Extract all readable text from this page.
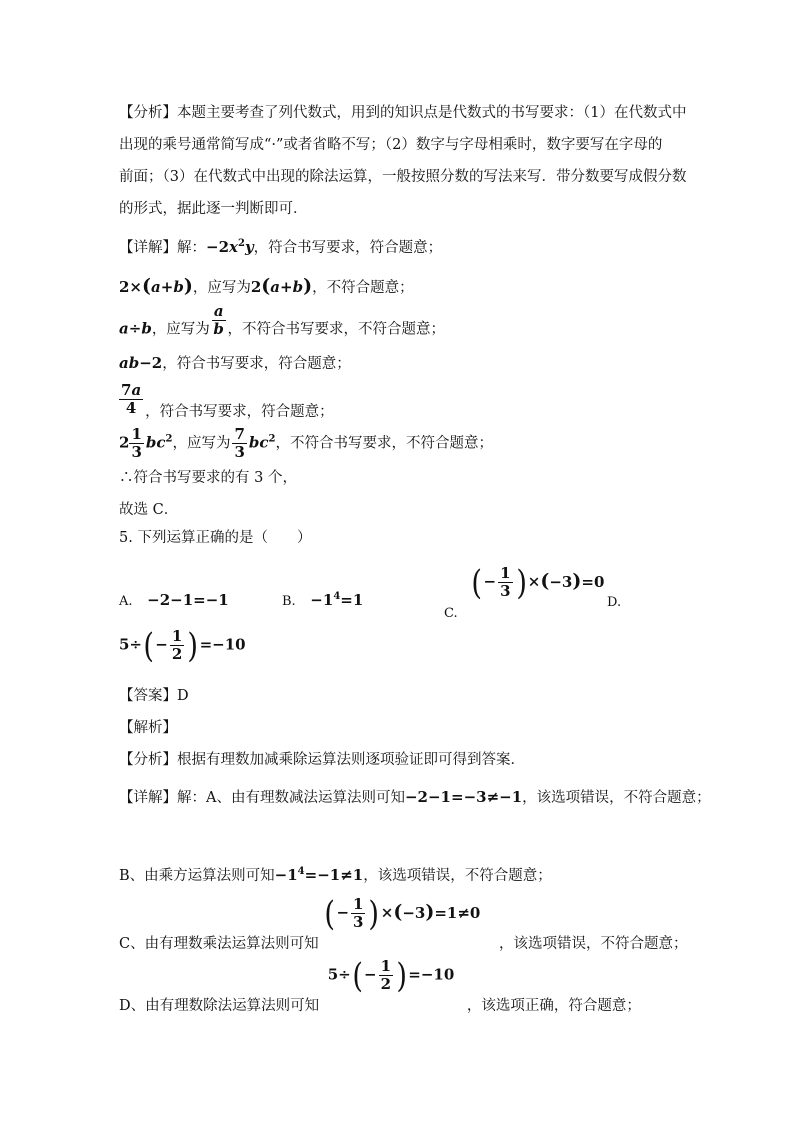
【分析】本题主要考查了列代数式，用到的知识点是代数式的书写要求：（1）在代数式中
出现的乘号通常简写成“·”或者省略不写；（2）数字与字母相乘时，数字要写在字母的
前面；（3）在代数式中出现的除法运算，一般按照分数的写法来写．带分数要写成假分数
的形式，据此逐一判断即可．
【详解】解：$-2x^2y$，符合书写要求，符合题意；
2×(a+b)，应写为2(a+b)，不符合题意；
a÷b，应写为 $\frac{a}{b}$ ，不符合书写要求，不符合题意；
ab−2，符合书写要求，符合题意；
$\frac{7a}{4}$ ，符合书写要求，符合题意；
$2 \frac{1}{3} bc^2$，应写为 $\frac{7}{3} bc^2$，不符合书写要求，不符合题意；
∴符合书写要求的有 3 个，
故选 C．
5. 下列运算正确的是（　　）
A. −2−1=−1	B. $-1^4=1$
C. (− $\frac{1}{3} )\times(-3)=0$
D.
$5\div(- \frac{1}{2} )=-10$
【答案】D
【解析】
【分析】根据有理数加减乘除运算法则逐项验证即可得到答案．
【详解】解：A、由有理数减法运算法则可知−2−1=−3≠−1，该选项错误，不符合题意；
B、由乘方运算法则可知$-1^4=-1\ne 1$，该选项错误，不符合题意；
C、由有理数乘法运算法则可知 (− $\frac{1}{3} )\times(-3)=1\ne 0$ ，该选项错误，不符合题意；
D、由有理数除法运算法则可知 $5\div(- \frac{1}{2} )=-10$ ，该选项正确，符合题意；
